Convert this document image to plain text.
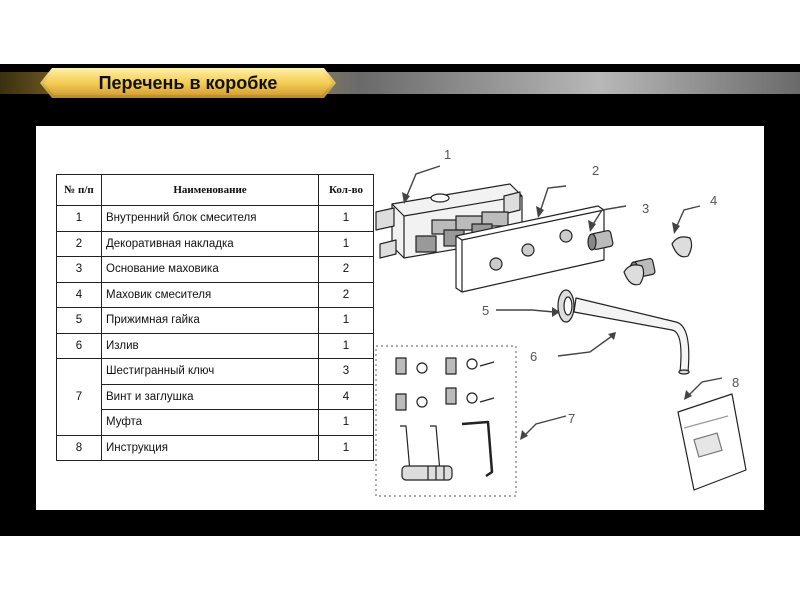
Перечень в коробке
№ п/п	Наименование	Кол-во
1	Внутренний блок смесителя	1
2	Декоративная накладка	1
3	Основание маховика	2
4	Маховик смесителя	2
5	Прижимная гайка	1
6	Излив	1
7	Шестигранный ключ	3
	Винт и заглушка	4
	Муфта	1
8	Инструкция	1
1
2
3
4
5
6
7
8
